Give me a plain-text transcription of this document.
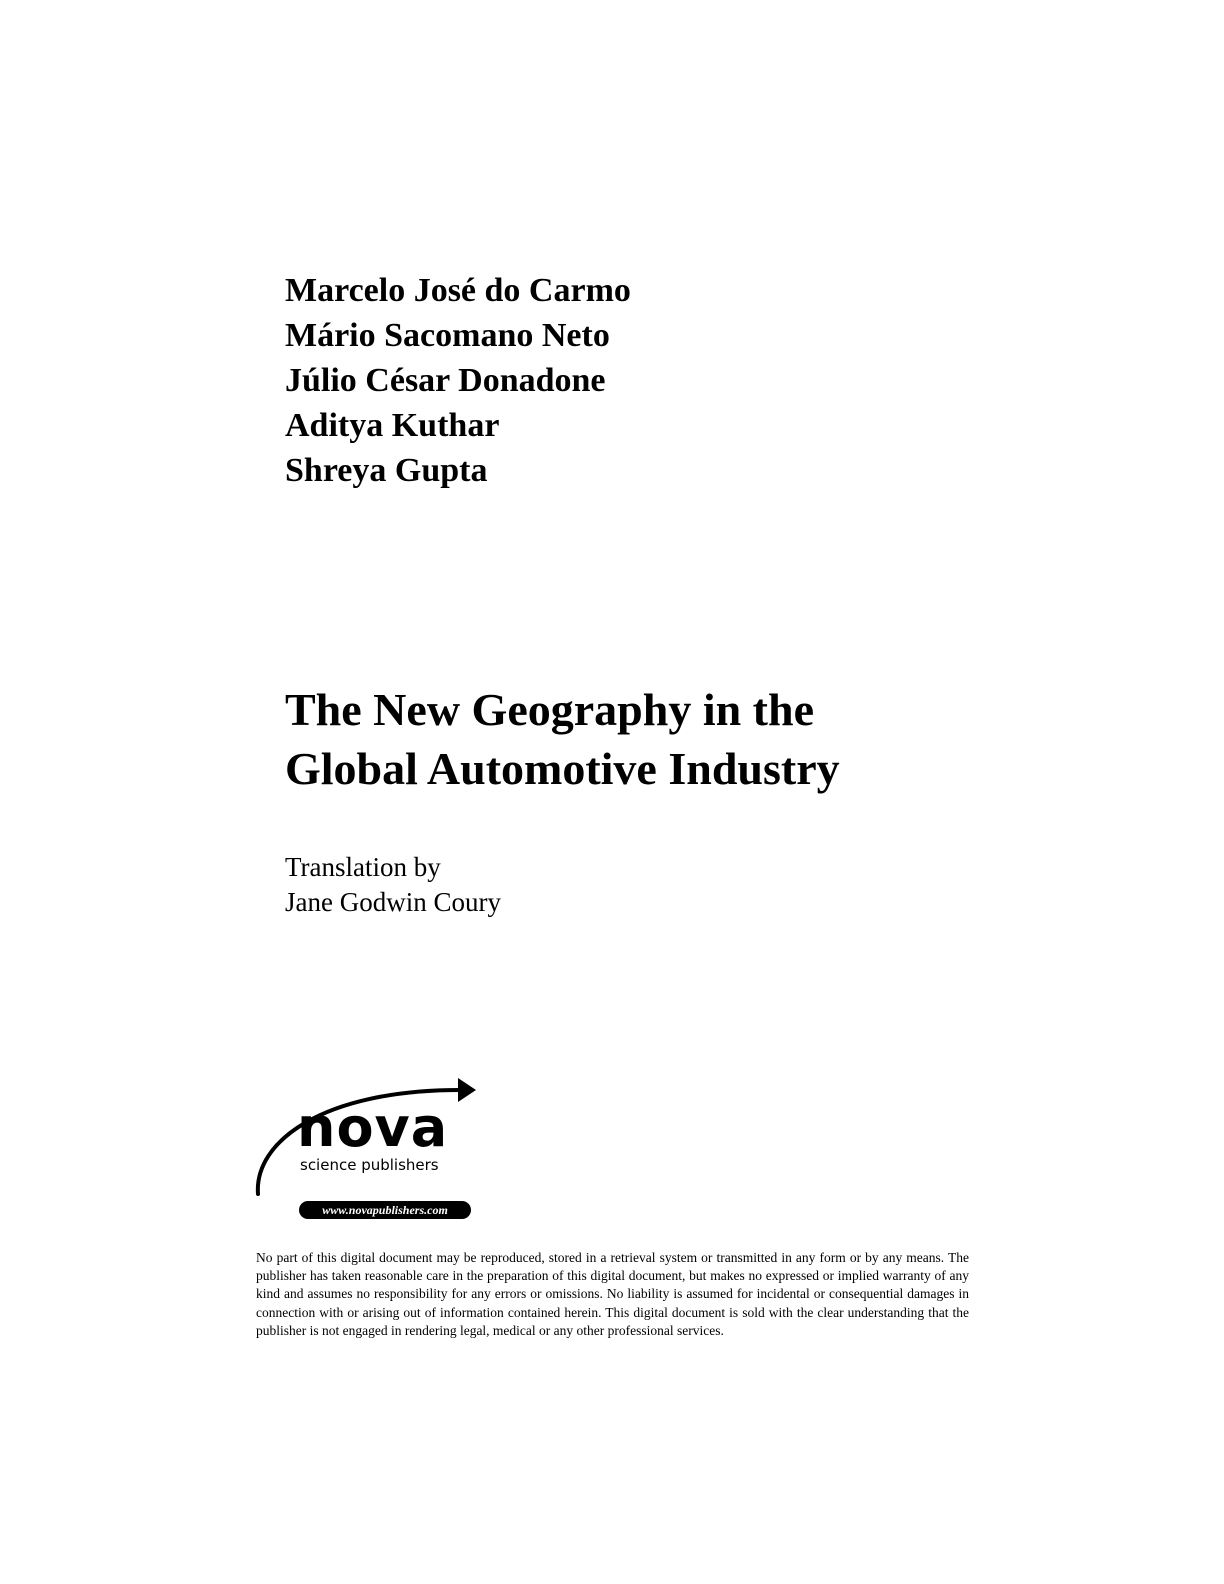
Marcelo José do Carmo
Mário Sacomano Neto
Júlio César Donadone
Aditya Kuthar
Shreya Gupta
The New Geography in the
Global Automotive Industry
Translation by
Jane Godwin Coury
nova
science publishers
www.novapublishers.com

No part of this digital document may be reproduced, stored in a retrieval system or transmitted in any form or by any means. The publisher has taken reasonable care in the preparation of this digital document, but makes no expressed or implied warranty of any kind and assumes no responsibility for any errors or omissions. No liability is assumed for incidental or consequential damages in connection with or arising out of information contained herein. This digital document is sold with the clear understanding that the publisher is not engaged in rendering legal, medical or any other professional services.
